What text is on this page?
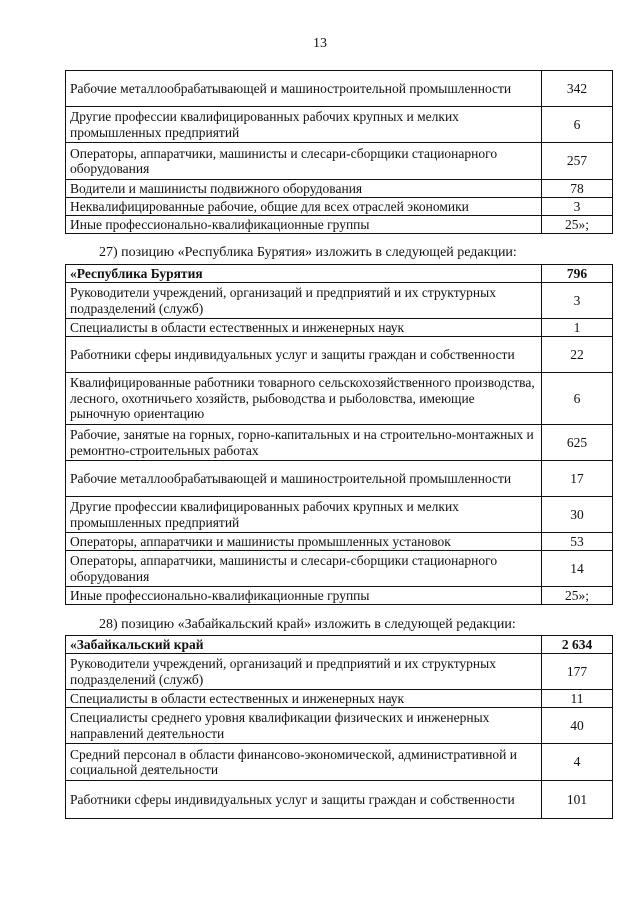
13
Рабочие металлообрабатывающей и машиностроительной промышленности	342
Другие профессии квалифицированных рабочих крупных и мелких промышленных предприятий	6
Операторы, аппаратчики, машинисты и слесари-сборщики стационарного оборудования	257
Водители и машинисты подвижного оборудования	78
Неквалифицированные рабочие, общие для всех отраслей экономики	3
Иные профессионально-квалификационные группы	25»;
27) позицию «Республика Бурятия» изложить в следующей редакции:
«Республика Бурятия	796
Руководители учреждений, организаций и предприятий и их структурных подразделений (служб)	3
Специалисты в области естественных и инженерных наук	1
Работники сферы индивидуальных услуг и защиты граждан и собственности	22
Квалифицированные работники товарного сельскохозяйственного производства, лесного, охотничьего хозяйств, рыбоводства и рыболовства, имеющие рыночную ориентацию	6
Рабочие, занятые на горных, горно-капитальных и на строительно-монтажных и ремонтно-строительных работах	625
Рабочие металлообрабатывающей и машиностроительной промышленности	17
Другие профессии квалифицированных рабочих крупных и мелких промышленных предприятий	30
Операторы, аппаратчики и машинисты промышленных установок	53
Операторы, аппаратчики, машинисты и слесари-сборщики стационарного оборудования	14
Иные профессионально-квалификационные группы	25»;
28) позицию «Забайкальский край» изложить в следующей редакции:
«Забайкальский край	2 634
Руководители учреждений, организаций и предприятий и их структурных подразделений (служб)	177
Специалисты в области естественных и инженерных наук	11
Специалисты среднего уровня квалификации физических и инженерных направлений деятельности	40
Средний персонал в области финансово-экономической, административной и социальной деятельности	4
Работники сферы индивидуальных услуг и защиты граждан и собственности	101
